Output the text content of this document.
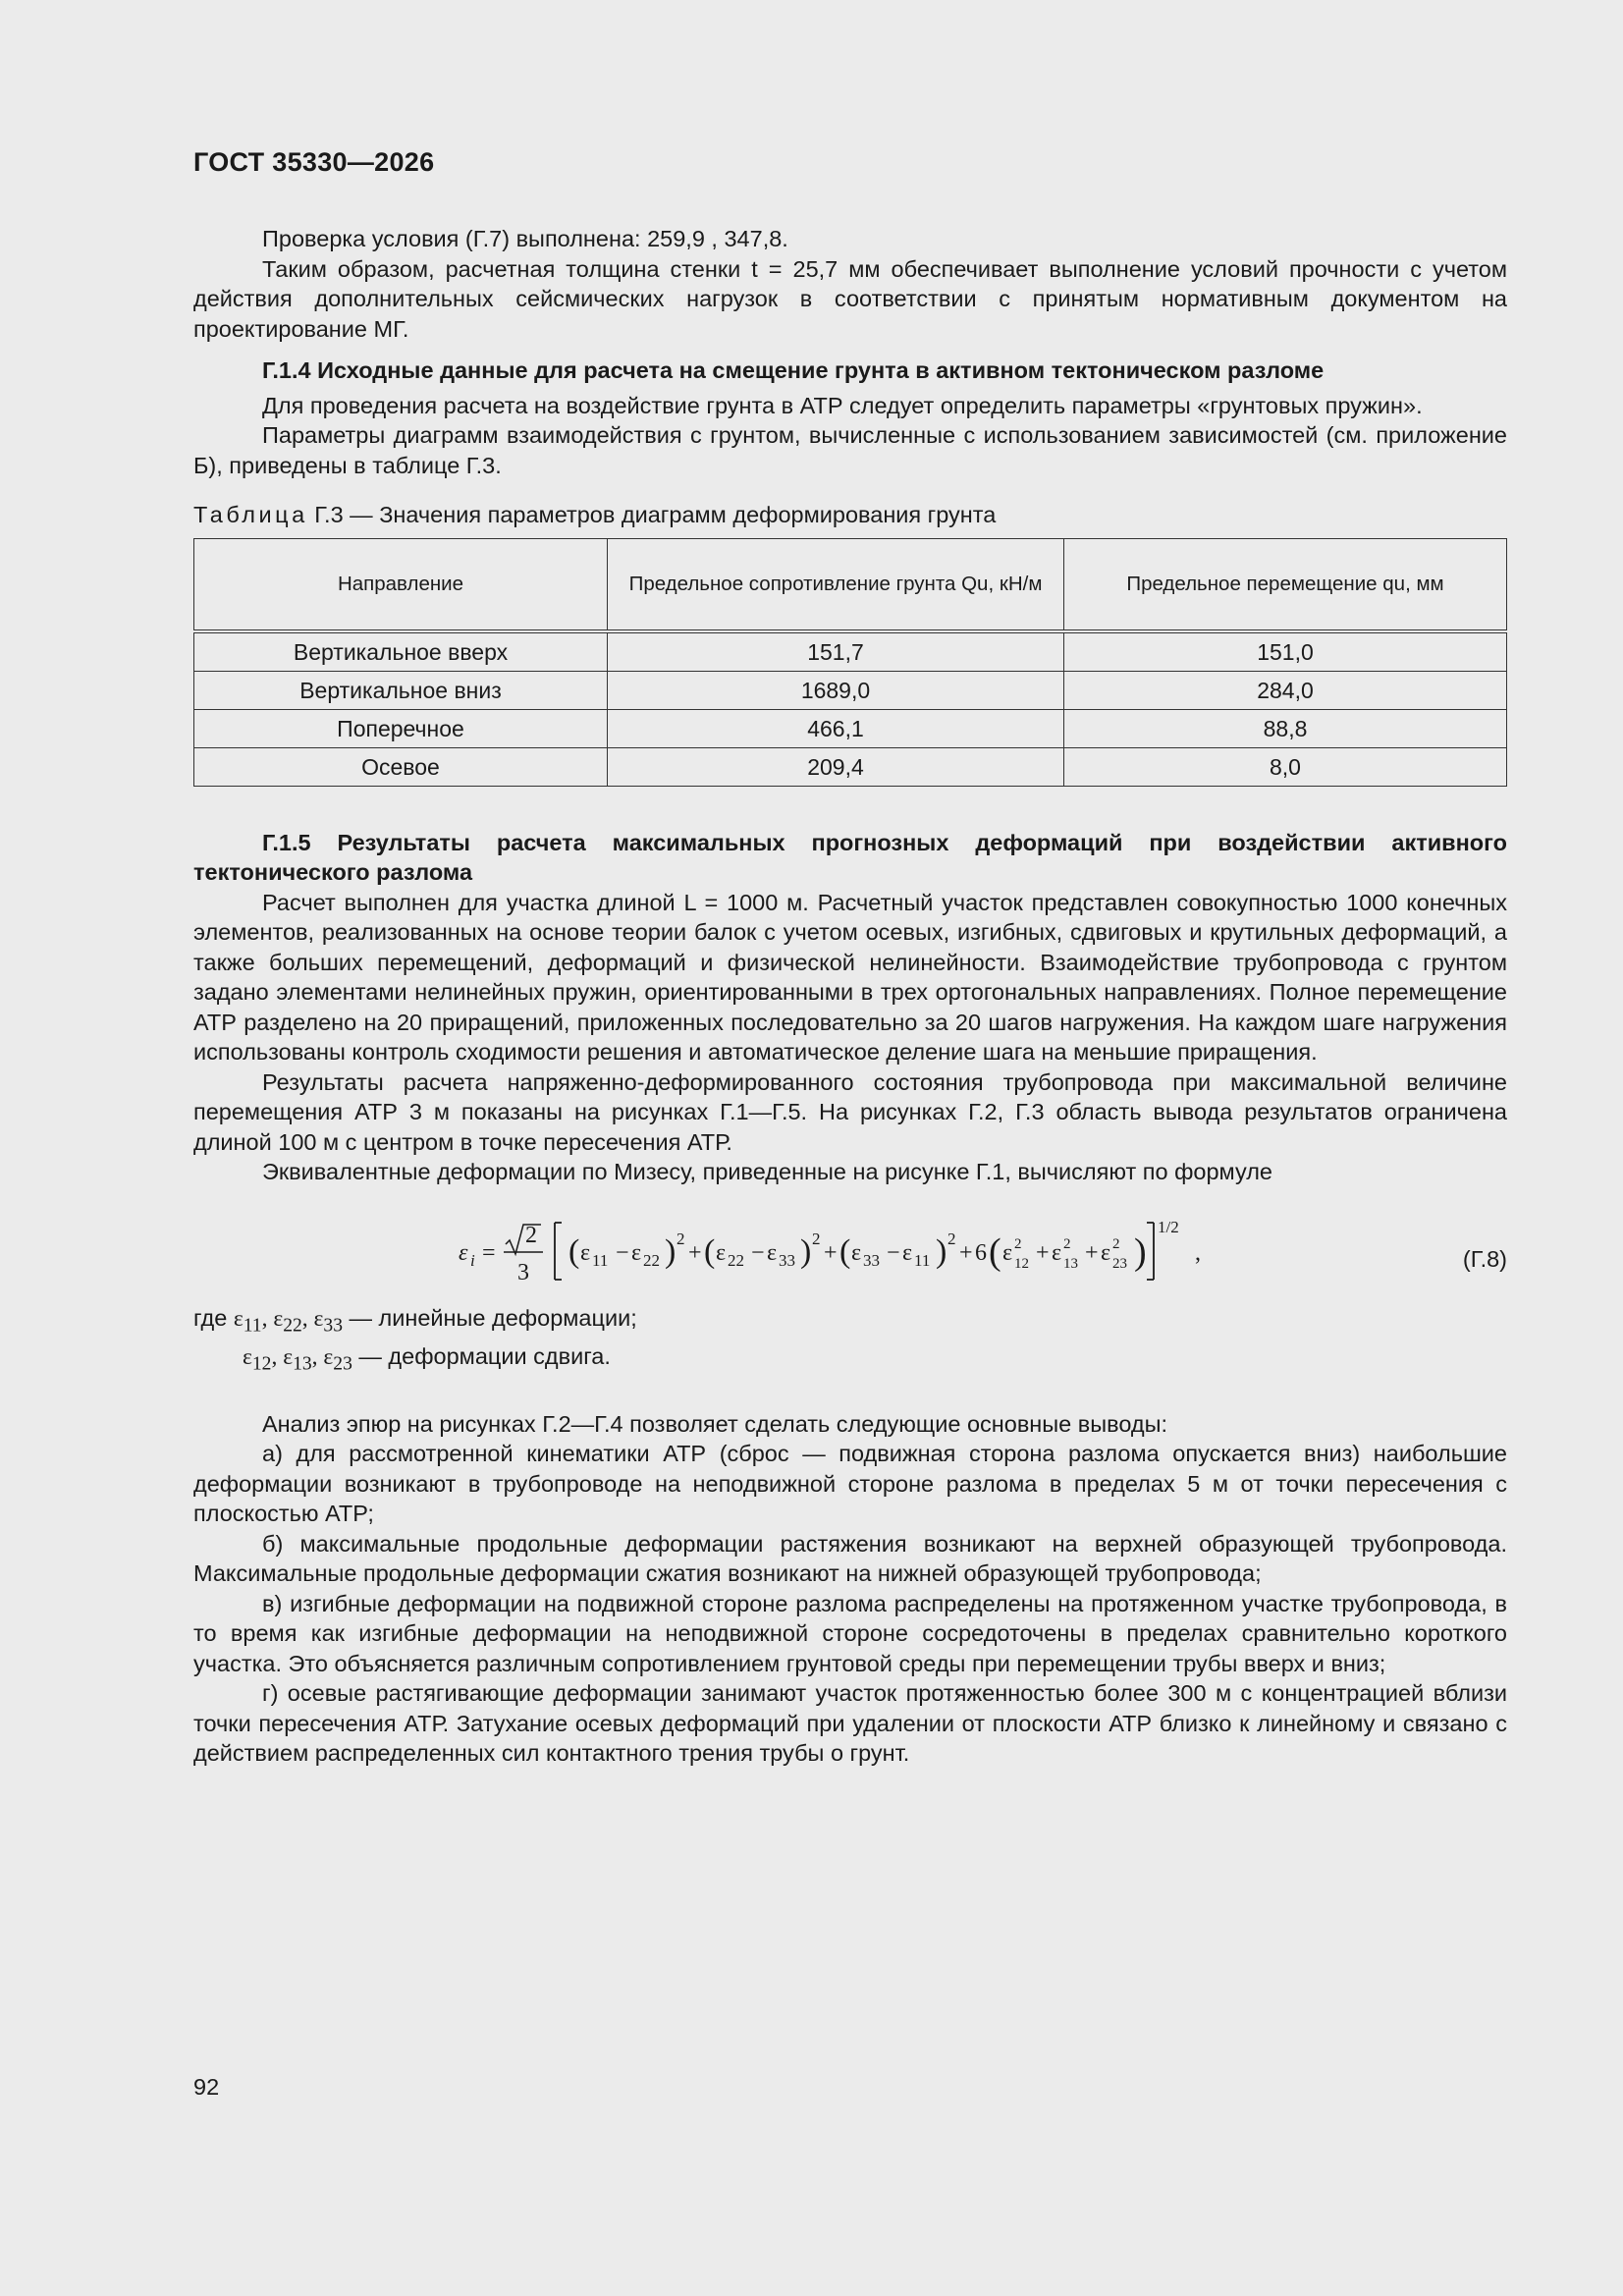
ГОСТ 35330—2026

Проверка условия (Г.7) выполнена: 259,9 , 347,8.

Таким образом, расчетная толщина стенки t = 25,7 мм обеспечивает выполнение условий прочности с учетом действия дополнительных сейсмических нагрузок в соответствии с принятым нормативным документом на проектирование МГ.

Г.1.4 Исходные данные для расчета на смещение грунта в активном тектоническом разломе

Для проведения расчета на воздействие грунта в АТР следует определить параметры «грунтовых пружин».

Параметры диаграмм взаимодействия с грунтом, вычисленные с использованием зависимостей (см. приложение Б), приведены в таблице Г.3.

Таблица Г.3 — Значения параметров диаграмм деформирования грунта

Направление	Предельное сопротивление грунта Qu, кН/м	Предельное перемещение qu, мм
Вертикальное вверх	151,7	151,0
Вертикальное вниз	1689,0	284,0
Поперечное	466,1	88,8
Осевое	209,4	8,0

Г.1.5 Результаты расчета максимальных прогнозных деформаций при воздействии активного тектонического разлома

Расчет выполнен для участка длиной L = 1000 м. Расчетный участок представлен совокупностью 1000 конечных элементов, реализованных на основе теории балок с учетом осевых, изгибных, сдвиговых и крутильных деформаций, а также больших перемещений, деформаций и физической нелинейности. Взаимодействие трубопровода с грунтом задано элементами нелинейных пружин, ориентированными в трех ортогональных направлениях. Полное перемещение АТР разделено на 20 приращений, приложенных последовательно за 20 шагов нагружения. На каждом шаге нагружения использованы контроль сходимости решения и автоматическое деление шага на меньшие приращения.

Результаты расчета напряженно-деформированного состояния трубопровода при максимальной величине перемещения АТР 3 м показаны на рисунках Г.1—Г.5. На рисунках Г.2, Г.3 область вывода результатов ограничена длиной 100 м с центром в точке пересечения АТР.

Эквивалентные деформации по Мизесу, приведенные на рисунке Г.1, вычисляют по формуле

ε i =
2
3
( ε 11 − ε 22 ) 2
+ ( ε 22 − ε 33 ) 2
+ ( ε 33 − ε 11 ) 2
+ 6 ( ε 2
12 + ε 2
13 + ε 2
23 )
1/2
,	(Г.8)

где $\varepsilon_{11}$, $\varepsilon_{22}$, $\varepsilon_{33}$ — линейные деформации;

$\varepsilon_{12}$, $\varepsilon_{13}$, $\varepsilon_{23}$ — деформации сдвига.

Анализ эпюр на рисунках Г.2—Г.4 позволяет сделать следующие основные выводы:

а) для рассмотренной кинематики АТР (сброс — подвижная сторона разлома опускается вниз) наибольшие деформации возникают в трубопроводе на неподвижной стороне разлома в пределах 5 м от точки пересечения с плоскостью АТР;

б) максимальные продольные деформации растяжения возникают на верхней образующей трубопровода. Максимальные продольные деформации сжатия возникают на нижней образующей трубопровода;

в) изгибные деформации на подвижной стороне разлома распределены на протяженном участке трубопровода, в то время как изгибные деформации на неподвижной стороне сосредоточены в пределах сравнительно короткого участка. Это объясняется различным сопротивлением грунтовой среды при перемещении трубы вверх и вниз;

г) осевые растягивающие деформации занимают участок протяженностью более 300 м с концентрацией вблизи точки пересечения АТР. Затухание осевых деформаций при удалении от плоскости АТР близко к линейному и связано с действием распределенных сил контактного трения трубы о грунт.

92
